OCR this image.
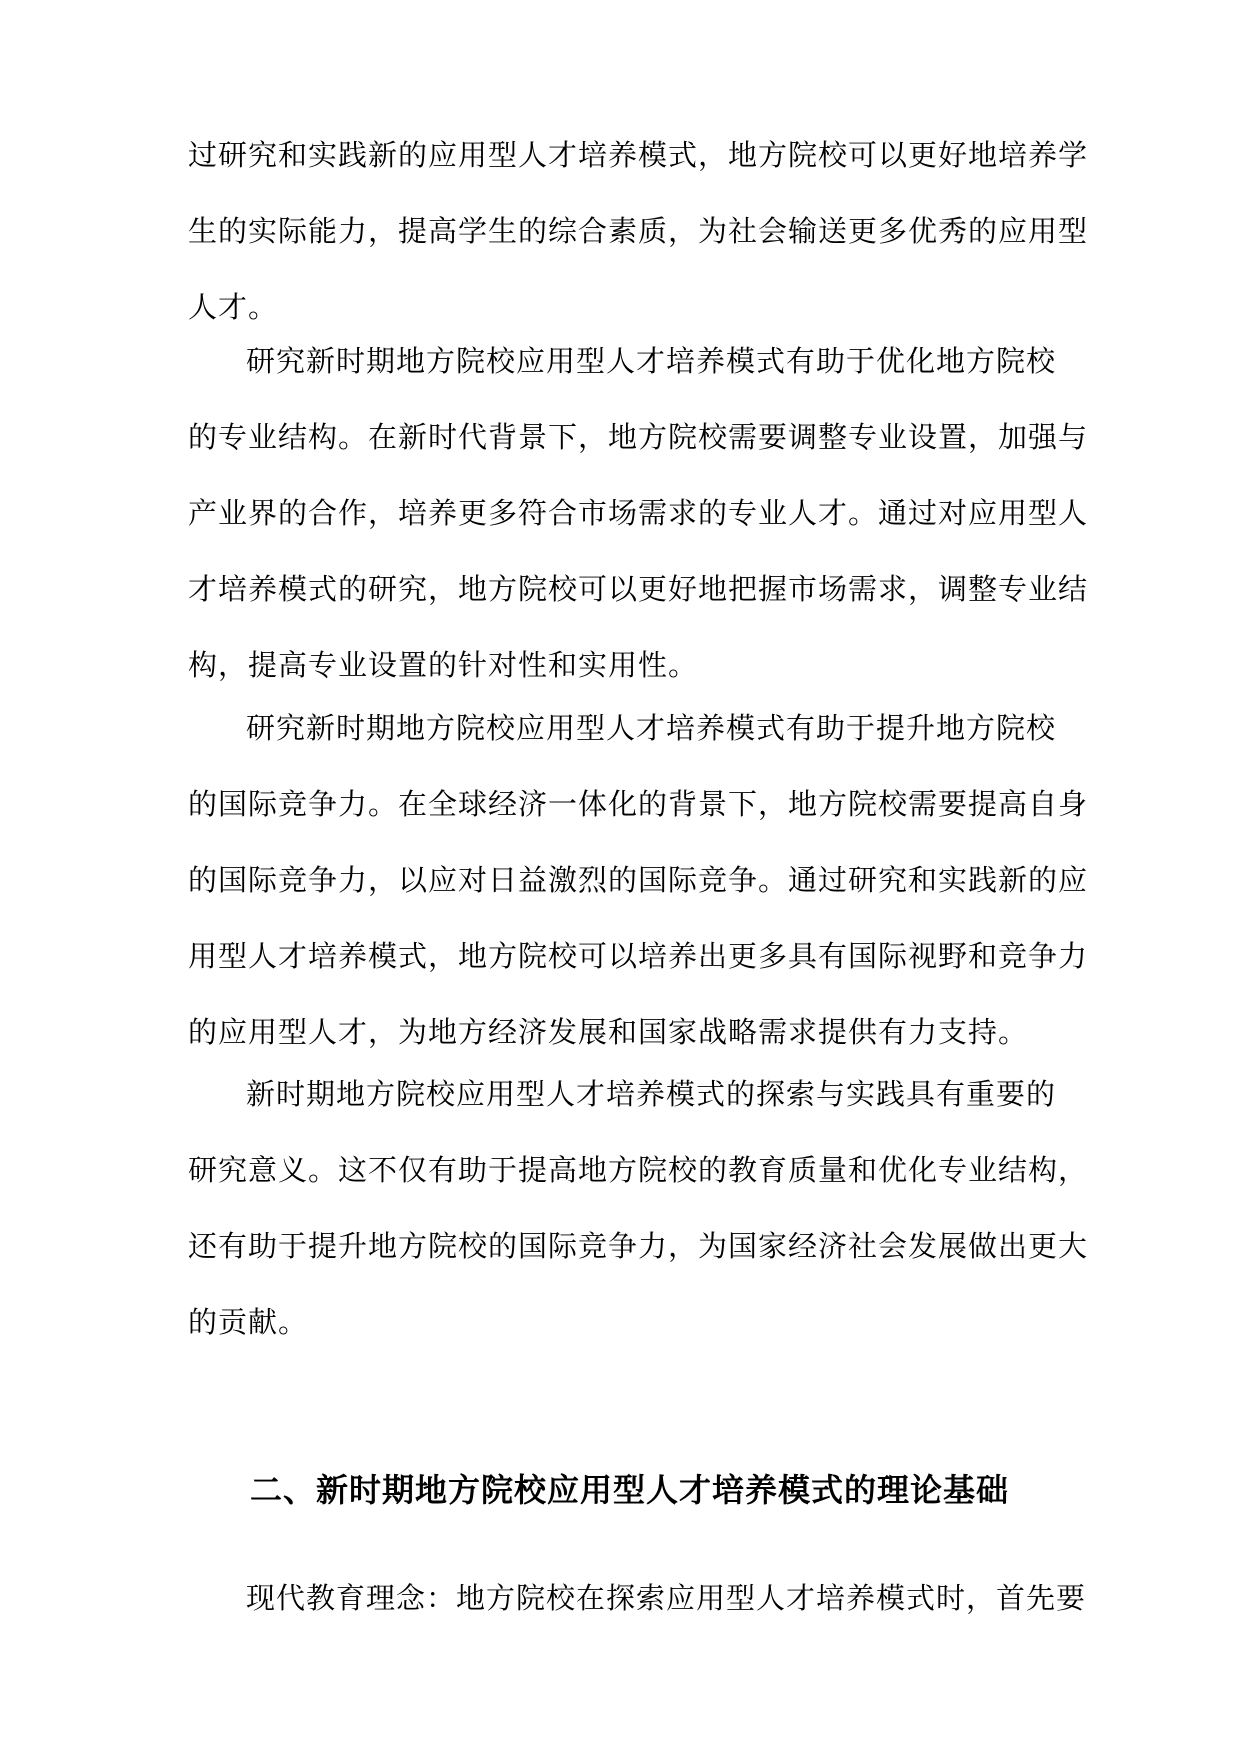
过研究和实践新的应用型人才培养模式，地方院校可以更好地培养学
生的实际能力，提高学生的综合素质，为社会输送更多优秀的应用型
人才。
研究新时期地方院校应用型人才培养模式有助于优化地方院校
的专业结构。在新时代背景下，地方院校需要调整专业设置，加强与
产业界的合作，培养更多符合市场需求的专业人才。通过对应用型人
才培养模式的研究，地方院校可以更好地把握市场需求，调整专业结
构，提高专业设置的针对性和实用性。
研究新时期地方院校应用型人才培养模式有助于提升地方院校
的国际竞争力。在全球经济一体化的背景下，地方院校需要提高自身
的国际竞争力，以应对日益激烈的国际竞争。通过研究和实践新的应
用型人才培养模式，地方院校可以培养出更多具有国际视野和竞争力
的应用型人才，为地方经济发展和国家战略需求提供有力支持。
新时期地方院校应用型人才培养模式的探索与实践具有重要的
研究意义。这不仅有助于提高地方院校的教育质量和优化专业结构，
还有助于提升地方院校的国际竞争力，为国家经济社会发展做出更大
的贡献。
二、新时期地方院校应用型人才培养模式的理论基础
现代教育理念：地方院校在探索应用型人才培养模式时，首先要
